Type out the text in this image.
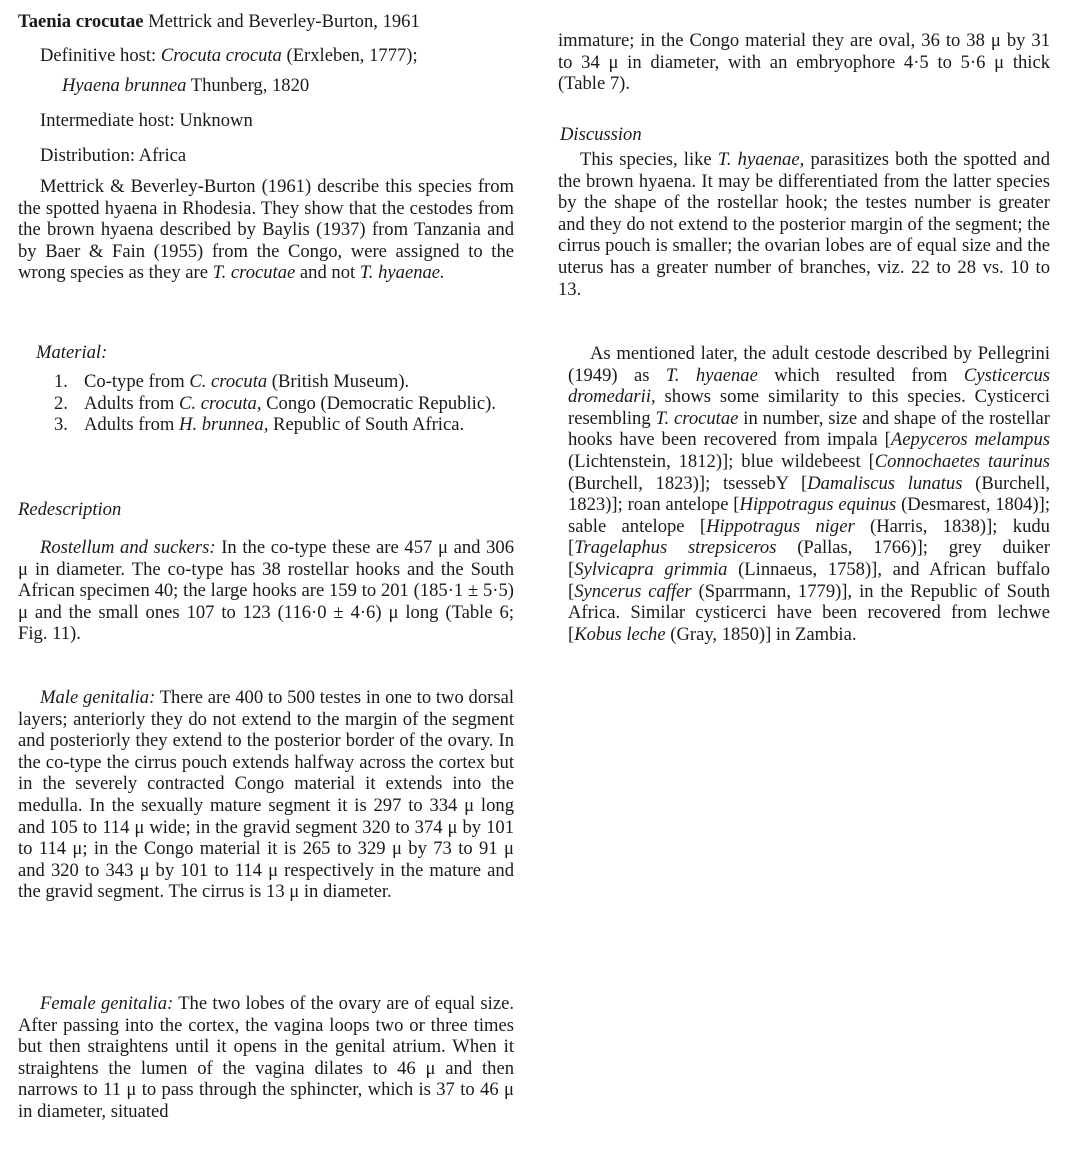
Taenia crocutae Mettrick and Beverley-Burton, 1961
Definitive host: Crocuta crocuta (Erxleben, 1777);
Hyaena brunnea Thunberg, 1820
Intermediate host: Unknown
Distribution: Africa

Mettrick & Beverley-Burton (1961) describe this species from the spotted hyaena in Rhodesia. They show that the cestodes from the brown hyaena described by Baylis (1937) from Tanzania and by Baer & Fain (1955) from the Congo, were assigned to the wrong species as they are T. crocutae and not T. hyaenae.

Material:
1. Co-type from C. crocuta (British Museum).
2. Adults from C. crocuta, Congo (Democratic Republic).
3. Adults from H. brunnea, Republic of South Africa.
Redescription

Rostellum and suckers: In the co-type these are 457 μ and 306 μ in diameter. The co-type has 38 rostellar hooks and the South African specimen 40; the large hooks are 159 to 201 (185·1 ± 5·5) μ and the small ones 107 to 123 (116·0 ± 4·6) μ long (Table 6; Fig. 11).

Male genitalia: There are 400 to 500 testes in one to two dorsal layers; anteriorly they do not extend to the margin of the segment and posteriorly they extend to the posterior border of the ovary. In the co-type the cirrus pouch extends halfway across the cortex but in the severely contracted Congo material it extends into the medulla. In the sexually mature segment it is 297 to 334 μ long and 105 to 114 μ wide; in the gravid segment 320 to 374 μ by 101 to 114 μ; in the Congo material it is 265 to 329 μ by 73 to 91 μ and 320 to 343 μ by 101 to 114 μ respectively in the mature and the gravid segment. The cirrus is 13 μ in diameter.

Female genitalia: The two lobes of the ovary are of equal size. After passing into the cortex, the vagina loops two or three times but then straightens until it opens in the genital atrium. When it straightens the lumen of the vagina dilates to 46 μ and then narrows to 11 μ to pass through the sphincter, which is 37 to 46 μ in diameter, situated

immature; in the Congo material they are oval, 36 to 38 μ by 31 to 34 μ in diameter, with an embryophore 4·5 to 5·6 μ thick (Table 7).

Discussion

This species, like T. hyaenae, parasitizes both the spotted and the brown hyaena. It may be differentiated from the latter species by the shape of the rostellar hook; the testes number is greater and they do not extend to the posterior margin of the segment; the cirrus pouch is smaller; the ovarian lobes are of equal size and the uterus has a greater number of branches, viz. 22 to 28 vs. 10 to 13.

As mentioned later, the adult cestode described by Pellegrini (1949) as T. hyaenae which resulted from Cysticercus dromedarii, shows some similarity to this species. Cysticerci resembling T. crocutae in number, size and shape of the rostellar hooks have been recovered from impala [Aepyceros melampus (Lichtenstein, 1812)]; blue wildebeest [Connochaetes taurinus (Burchell, 1823)]; tsessebY [Damaliscus lunatus (Burchell, 1823)]; roan antelope [Hippotragus equinus (Desmarest, 1804)]; sable antelope [Hippotragus niger (Harris, 1838)]; kudu [Tragelaphus strepsiceros (Pallas, 1766)]; grey duiker [Sylvicapra grimmia (Linnaeus, 1758)], and African buffalo [Syncerus caffer (Sparrmann, 1779)], in the Republic of South Africa. Similar cysticerci have been recovered from lechwe [Kobus leche (Gray, 1850)] in Zambia.
